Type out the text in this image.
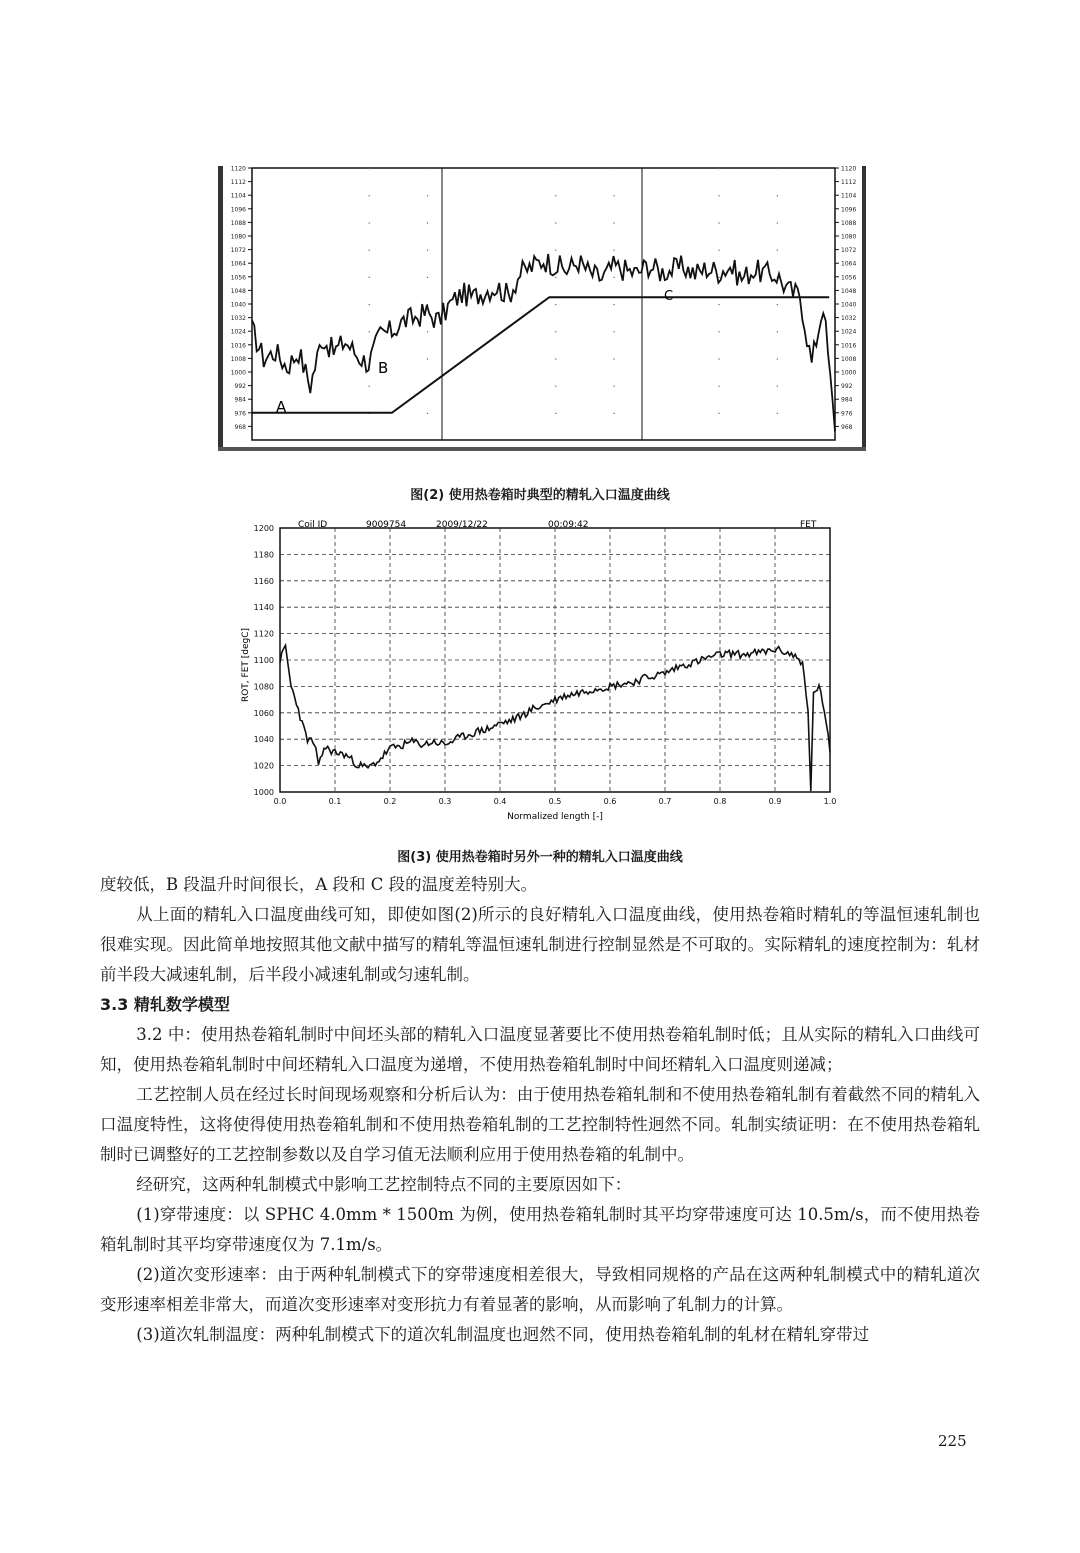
968
976
984
992
1000
1008
1016
1024
1032
1040
1048
1056
1064
1072
1080
1088
1096
1104
1112
1120
968
976
984
992
1000
1008
1016
1024
1032
1040
1048
1056
1064
1072
1080
1088
1096
1104
1112
1120
A
B
C
图(2) 使用热卷箱时典型的精轧入口温度曲线
1000
1020
1040
1060
1080
1100
1120
1140
1160
1180
1200
0.0	0.1	0.2	0.3	0.4	0.5	0.6	0.7	0.8	0.9	1.0
Coil ID	9009754	2009/12/22	00:09:42	FET
Normalized length [-]
ROT, FET [degC]
图(3) 使用热卷箱时另外一种的精轧入口温度曲线

度较低，B 段温升时间很长，A 段和 C 段的温度差特别大。

从上面的精轧入口温度曲线可知，即使如图(2)所示的良好精轧入口温度曲线，使用热卷箱时精轧的等温恒速轧制也很难实现。因此简单地按照其他文献中描写的精轧等温恒速轧制进行控制显然是不可取的。实际精轧的速度控制为：轧材前半段大减速轧制，后半段小减速轧制或匀速轧制。

3.3 精轧数学模型

3.2 中：使用热卷箱轧制时中间坯头部的精轧入口温度显著要比不使用热卷箱轧制时低；且从实际的精轧入口曲线可知，使用热卷箱轧制时中间坯精轧入口温度为递增，不使用热卷箱轧制时中间坯精轧入口温度则递减；

工艺控制人员在经过长时间现场观察和分析后认为：由于使用热卷箱轧制和不使用热卷箱轧制有着截然不同的精轧入口温度特性，这将使得使用热卷箱轧制和不使用热卷箱轧制的工艺控制特性迥然不同。轧制实绩证明：在不使用热卷箱轧制时已调整好的工艺控制参数以及自学习值无法顺利应用于使用热卷箱的轧制中。

经研究，这两种轧制模式中影响工艺控制特点不同的主要原因如下：

(1)穿带速度：以 SPHC 4.0mm * 1500m 为例，使用热卷箱轧制时其平均穿带速度可达 10.5m/s，而不使用热卷箱轧制时其平均穿带速度仅为 7.1m/s。

(2)道次变形速率：由于两种轧制模式下的穿带速度相差很大，导致相同规格的产品在这两种轧制模式中的精轧道次变形速率相差非常大，而道次变形速率对变形抗力有着显著的影响，从而影响了轧制力的计算。

(3)道次轧制温度：两种轧制模式下的道次轧制温度也迥然不同，使用热卷箱轧制的轧材在精轧穿带过

225
